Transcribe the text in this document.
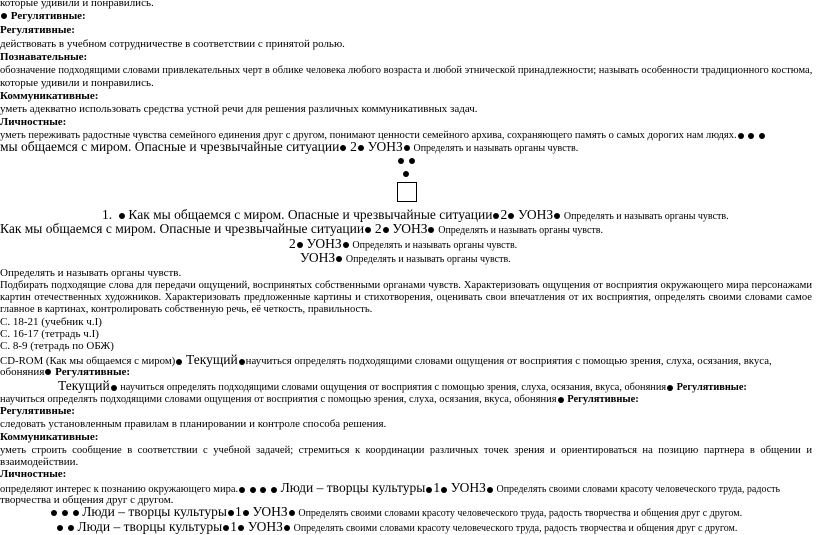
которые удивили и понравились.
Регулятивные:
Регулятивные:
действовать в учебном сотрудничестве в соответствии с принятой ролью.
Познавательные:
обозначение подходящими словами привлекательных черт в облике человека любого возраста и любой этнической принадлежности; называть особенности традиционного костюма,
которые удивили и понравились.
Коммуникативные:
уметь адекватно использовать средства устной речи для решения различных коммуникативных задач.
Личностные:
уметь переживать радостные чувства семейного единения друг с другом, понимают ценности семейного архива, сохраняющего память о самых дорогих нам людях.
мы общаемся с миром. Опасные и чрезвычайные ситуации 2 УОНЗ Определять и называть органы чувств.

1. Как мы общаемся с миром. Опасные и чрезвычайные ситуации 2 УОНЗ Определять и называть органы чувств.
Как мы общаемся с миром. Опасные и чрезвычайные ситуации 2 УОНЗ Определять и называть органы чувств.
2 УОНЗ Определять и называть органы чувств.
УОНЗ Определять и называть органы чувств.
Определять и называть органы чувств.
Подбирать подходящие слова для передачи ощущений, воспринятых собственными органами чувств. Характеризовать ощущения от восприятия окружающего мира персонажами
картин отечественных художников. Характеризовать предложенные картины и стихотворения, оценивать свои впечатления от их восприятия, определять своими словами самое
главное в картинах, контролировать собственную речь, её четкость, правильность.
С. 18-21 (учебник ч.I)
С. 16-17 (тетрадь ч.I)
С. 8-9 (тетрадь по ОБЖ)
CD-ROM (Как мы общаемся с миром) Текущий научиться определять подходящими словами ощущения от восприятия с помощью зрения, слуха, осязания, вкуса,
обоняния Регулятивные:
Текущий научиться определять подходящими словами ощущения от восприятия с помощью зрения, слуха, осязания, вкуса, обоняния Регулятивные:
научиться определять подходящими словами ощущения от восприятия с помощью зрения, слуха, осязания, вкуса, обоняния Регулятивные:
Регулятивные:
следовать установленным правилам в планировании и контроле способа решения.
Коммуникативные:
уметь строить сообщение в соответствии с учебной задачей; стремиться к координации различных точек зрения и ориентироваться на позицию партнера в общении и
взаимодействии.
Личностные:
определяют интерес к познанию окружающего мира.	Люди – творцы культуры 1 УОНЗ Определять своими словами красоту человеческого труда, радость
творчества и общения друг с другом.
Люди – творцы культуры 1 УОНЗ Определять своими словами красоту человеческого труда, радость творчества и общения друг с другом.
Люди – творцы культуры 1 УОНЗ Определять своими словами красоту человеческого труда, радость творчества и общения друг с другом.
